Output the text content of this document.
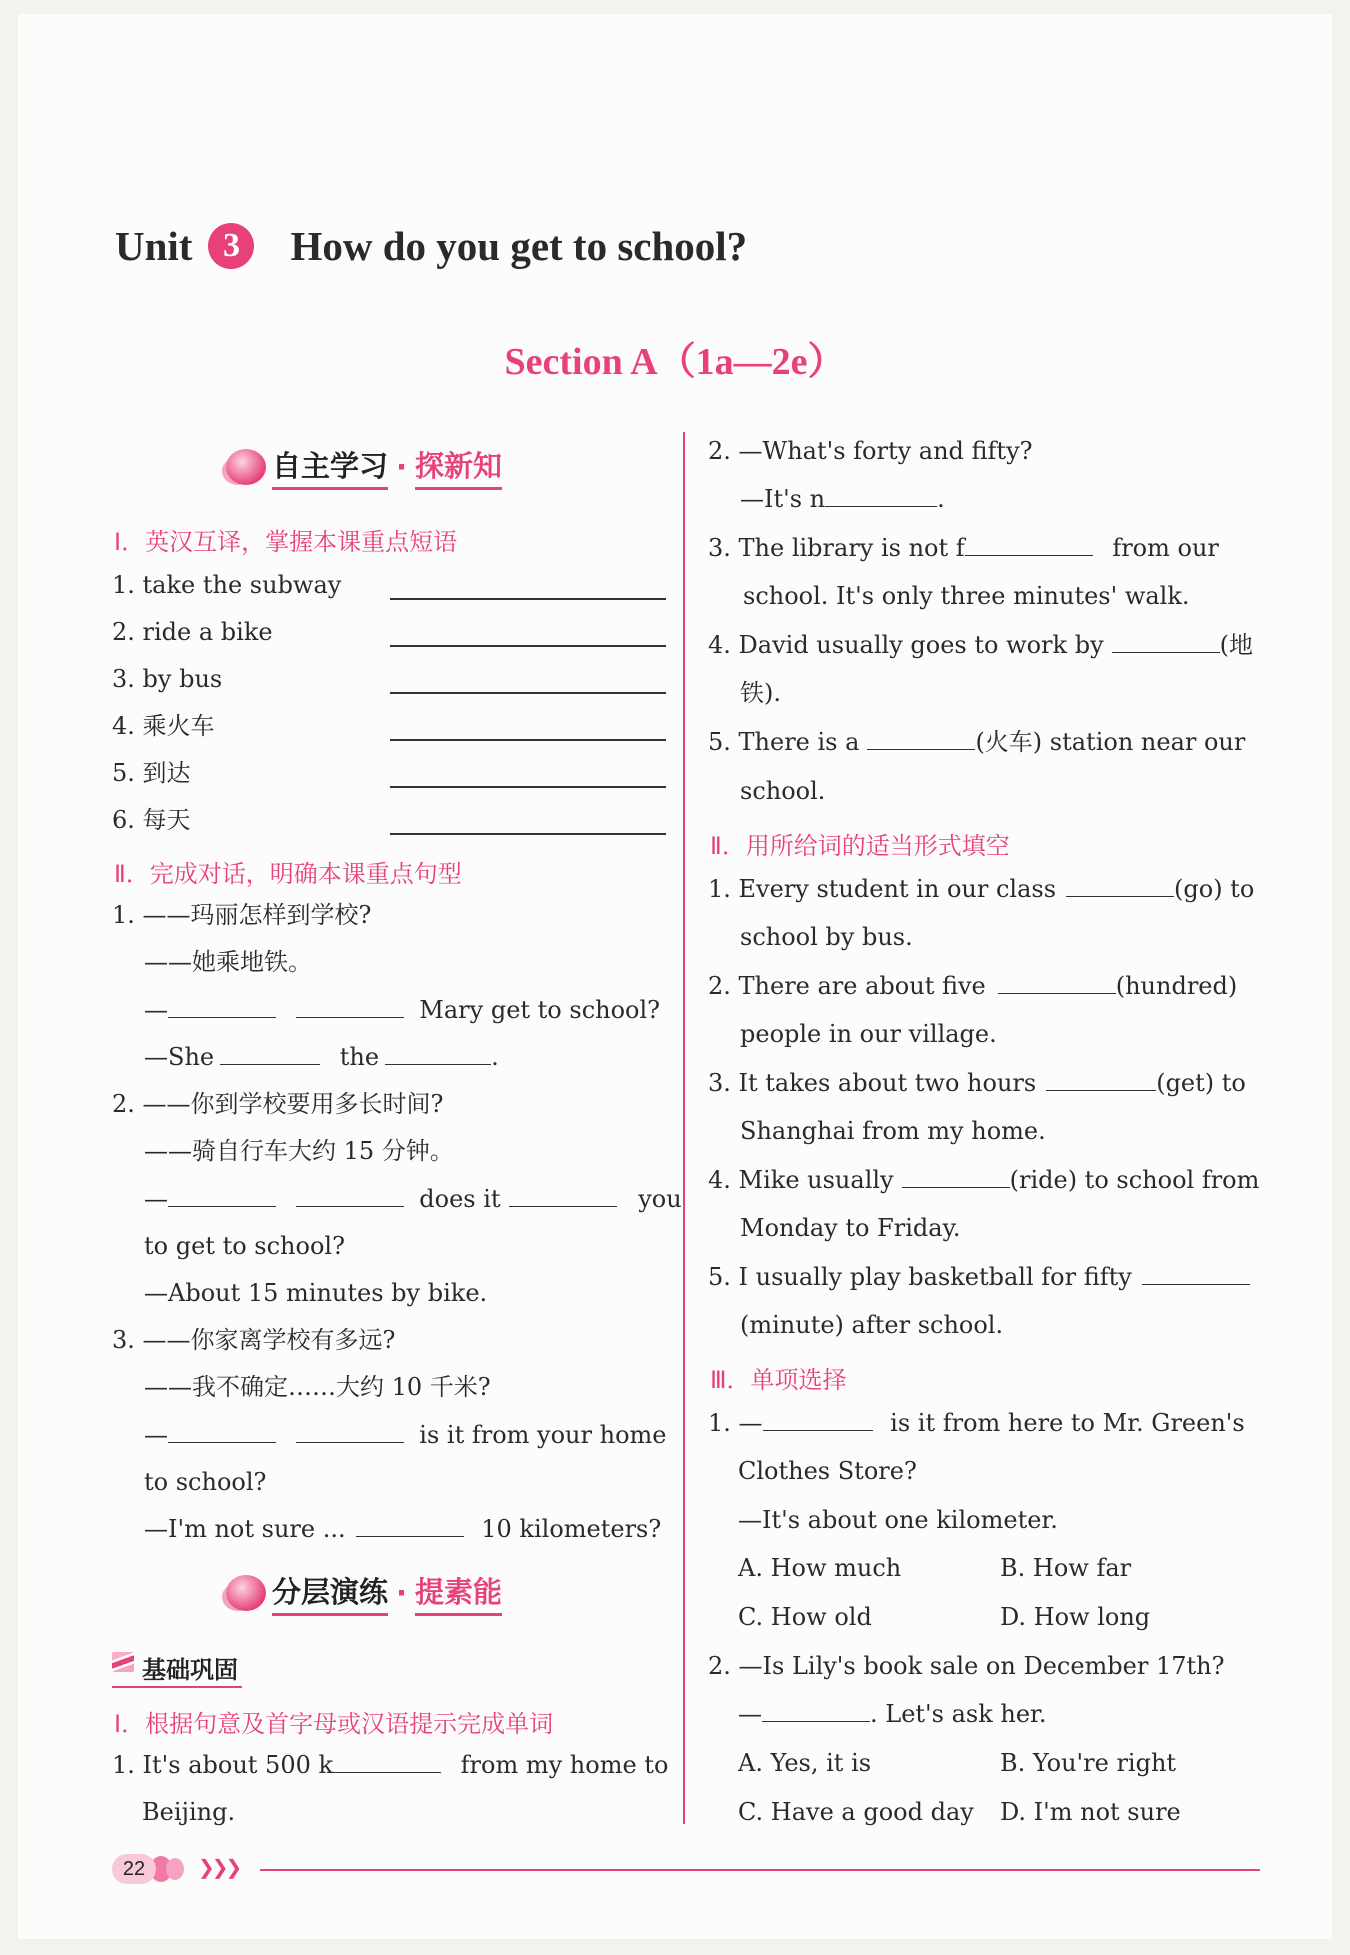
Unit 3	How do you get to school?
Section A（1a—2e）
自主学习 · 探新知
Ⅰ．英汉互译，掌握本课重点短语
1. take the subway
2. ride a bike
3. by bus
4. 乘火车
5. 到达
6. 每天
Ⅱ．完成对话，明确本课重点句型
1. ——玛丽怎样到学校?
——她乘地铁。
—	Mary get to school?
—She	the	.
2. ——你到学校要用多长时间?
——骑自行车大约 15 分钟。
—	does it	you
to get to school?
—About 15 minutes by bike.
3. ——你家离学校有多远?
——我不确定……大约 10 千米?
—	is it from your home
to school?
—I'm not sure ...	10 kilometers?
分层演练 · 提素能
基础巩固
Ⅰ．根据句意及首字母或汉语提示完成单词
1. It's about 500 k	from my home to
Beijing.
2. —What's forty and fifty?
—It's n	.
3. The library is not f	from our
school. It's only three minutes' walk.
4. David usually goes to work by	(地
铁).
5. There is a	(火车) station near our
school.
Ⅱ．用所给词的适当形式填空
1. Every student in our class	(go) to
school by bus.
2. There are about five	(hundred)
people in our village.
3. It takes about two hours	(get) to
Shanghai from my home.
4. Mike usually	(ride) to school from
Monday to Friday.
5. I usually play basketball for fifty
(minute) after school.
Ⅲ．单项选择
1. —	is it from here to Mr. Green's
Clothes Store?
—It's about one kilometer.
A. How much	B. How far
C. How old	D. How long
2. —Is Lily's book sale on December 17th?
—	. Let's ask her.
A. Yes, it is	B. You're right
C. Have a good day D. I'm not sure
22	❯❯❯
